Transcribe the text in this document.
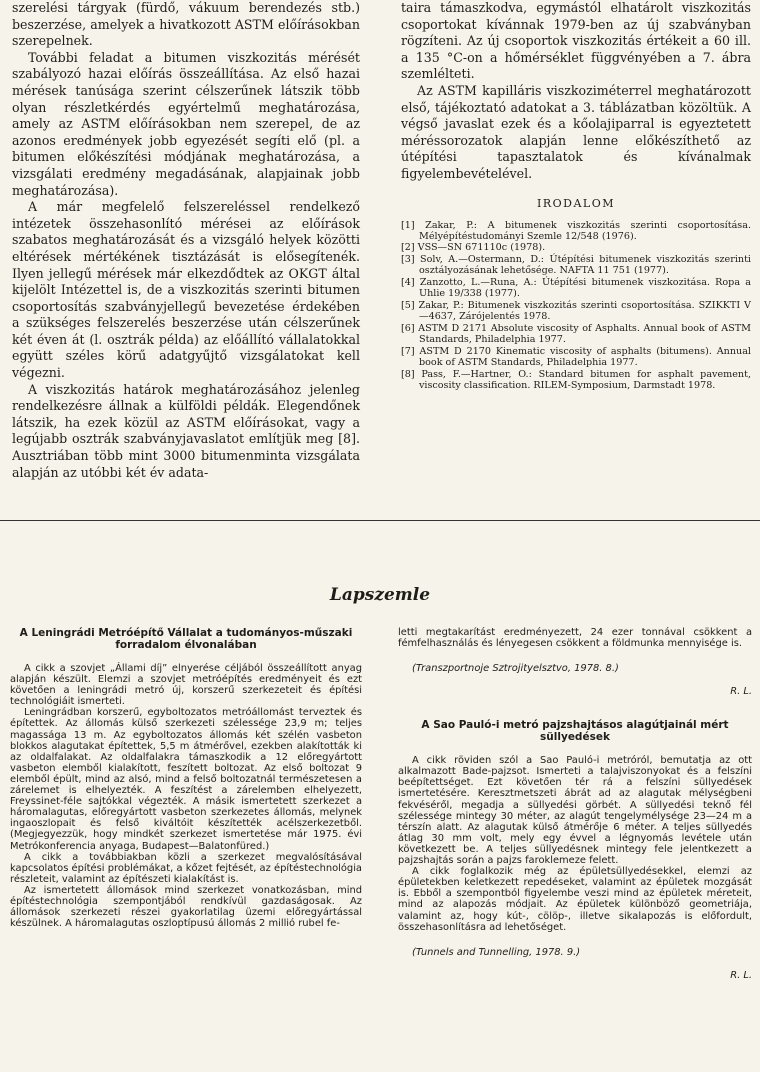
szerelési tárgyak (fürdő, vákuum berendezés stb.) beszerzése, amelyek a hivatkozott ASTM előírásokban szerepelnek.

További feladat a bitumen viszkozitás mérését szabályozó hazai előírás összeállítása. Az első hazai mérések tanúsága szerint célszerűnek látszik több olyan részletkérdés egyértelmű meghatározása, amely az ASTM előírásokban nem szerepel, de az azonos eredmények jobb egyezését segíti elő (pl. a bitumen előkészítési módjának meghatározása, a vizsgálati eredmény megadásának, alapjainak jobb meghatározása).

A már megfelelő felszereléssel rendelkező intézetek összehasonlító mérései az előírások szabatos meghatározását és a vizsgáló helyek közötti eltérések mértékének tisztázását is elősegítenék. Ilyen jellegű mérések már elkezdődtek az OKGT által kijelölt Intézettel is, de a viszkozitás szerinti bitumen csoportosítás szabványjellegű bevezetése érdekében a szükséges felszerelés beszerzése után célszerűnek két éven át (l. osztrák példa) az előállító vállalatokkal együtt széles körű adatgyűjtő vizsgálatokat kell végezni.

A viszkozitás határok meghatározásához jelenleg rendelkezésre állnak a külföldi példák. Elegendőnek látszik, ha ezek közül az ASTM előírásokat, vagy a legújabb osztrák szabványjavaslatot említjük meg [8]. Ausztriában több mint 3000 bitumenminta vizsgálata alapján az utóbbi két év adata-

taira támaszkodva, egymástól elhatárolt viszkozitás csoportokat kívánnak 1979-ben az új szabványban rögzíteni. Az új csoportok viszkozitás értékeit a 60 ill. a 135 °C-on a hőmérséklet függvényében a 7. ábra szemlélteti.

Az ASTM kapilláris viszkoziméterrel meghatározott első, tájékoztató adatokat a 3. táblázatban közöltük. A végső javaslat ezek és a kőolajiparral is egyeztetett méréssorozatok alapján lenne előkészíthető az útépítési tapasztalatok és kívánalmak figyelembevételével.

IRODALOM
[1] Zakar, P.: A bitumenek viszkozitás szerinti csoportosítása. Mélyépítéstudományi Szemle 12/548 (1976).
[2] VSS—SN 671110c (1978).
[3] Solv, A.—Ostermann, D.: Útépítési bitumenek viszkozitás szerinti osztályozásának lehetősége. NAFTA 11 751 (1977).
[4] Zanzotto, L.—Runa, A.: Útépítési bitumenek viszkozitása. Ropa a Uhlie 19/338 (1977).
[5] Zakar, P.: Bitumenek viszkozitás szerinti csoportosítása. SZIKKTI V—4637, Zárójelentés 1978.
[6] ASTM D 2171 Absolute viscosity of Asphalts. Annual book of ASTM Standards, Philadelphia 1977.
[7] ASTM D 2170 Kinematic viscosity of asphalts (bitumens). Annual book of ASTM Standards, Philadelphia 1977.
[8] Pass, F.—Hartner, O.: Standard bitumen for asphalt pavement, viscosity classification. RILEM-Symposium, Darmstadt 1978.
Lapszemle
A Leningrádi Metróépítő Vállalat a tudományos-műszaki forradalom élvonalában

A cikk a szovjet „Állami díj” elnyerése céljából összeállított anyag alapján készült. Elemzi a szovjet metróépítés eredményeit és ezt követően a leningrádi metró új, korszerű szerkezeteit és építési technológiáit ismerteti.

Leningrádban korszerű, egyboltozatos metróállomást terveztek és építettek. Az állomás külső szerkezeti szélessége 23,9 m; teljes magassága 13 m. Az egyboltozatos állomás két szélén vasbeton blokkos alagutakat építettek, 5,5 m átmérővel, ezekben alakították ki az oldalfalakat. Az oldalfalakra támaszkodik a 12 előregyártott vasbeton elemből kialakított, feszített boltozat. Az első boltozat 9 elemből épült, mind az alsó, mind a felső boltozatnál természetesen a zárelemet is elhelyezték. A feszítést a zárelemben elhelyezett, Freyssinet-féle sajtókkal végezték. A másik ismertetett szerkezet a háromalagutas, előregyártott vasbeton szerkezetes állomás, melynek ingaoszlopait és felső kiváltóit készítették acélszerkezetből. (Megjegyezzük, hogy mindkét szerkezet ismertetése már 1975. évi Metrókonferencia anyaga, Budapest—Balatonfüred.)

A cikk a továbbiakban közli a szerkezet megvalósításával kapcsolatos építési problémákat, a kőzet fejtését, az építéstechnológia részleteit, valamint az építészeti kialakítást is.

Az ismertetett állomások mind szerkezet vonatkozásban, mind építéstechnológia szempontjából rendkívül gazdaságosak. Az állomások szerkezeti részei gyakorlatilag üzemi előregyártással készülnek. A háromalagutas oszloptípusú állomás 2 millió rubel fe-

letti megtakarítást eredményezett, 24 ezer tonnával csökkent a fémfelhasználás és lényegesen csökkent a földmunka mennyisége is.

(Transzportnoje Sztrojityelsztvo, 1978. 8.)
R. L.
A Sao Pauló-i metró pajzshajtásos alagútjainál mért süllyedések

A cikk röviden szól a Sao Pauló-i metróról, bemutatja az ott alkalmazott Bade-pajzsot. Ismerteti a talajviszonyokat és a felszíni beépítettséget. Ezt követően tér rá a felszíni süllyedések ismertetésére. Keresztmetszeti ábrát ad az alagutak mélységbeni fekvéséről, megadja a süllyedési görbét. A süllyedési teknő fél szélessége mintegy 30 méter, az alagút tengelymélysége 23—24 m a térszín alatt. Az alagutak külső átmérője 6 méter. A teljes süllyedés átlag 30 mm volt, mely egy évvel a légnyomás levétele után következett be. A teljes süllyedésnek mintegy fele jelentkezett a pajzshajtás során a pajzs faroklemeze felett.

A cikk foglalkozik még az épületsüllyedésekkel, elemzi az épületekben keletkezett repedéseket, valamint az épületek mozgását is. Ebből a szempontból figyelembe veszi mind az épületek méreteit, mind az alapozás módjait. Az épületek különböző geometriája, valamint az, hogy kút-, cölöp-, illetve sikalapozás is előfordult, összehasonlításra ad lehetőséget.

(Tunnels and Tunnelling, 1978. 9.)
R. L.
